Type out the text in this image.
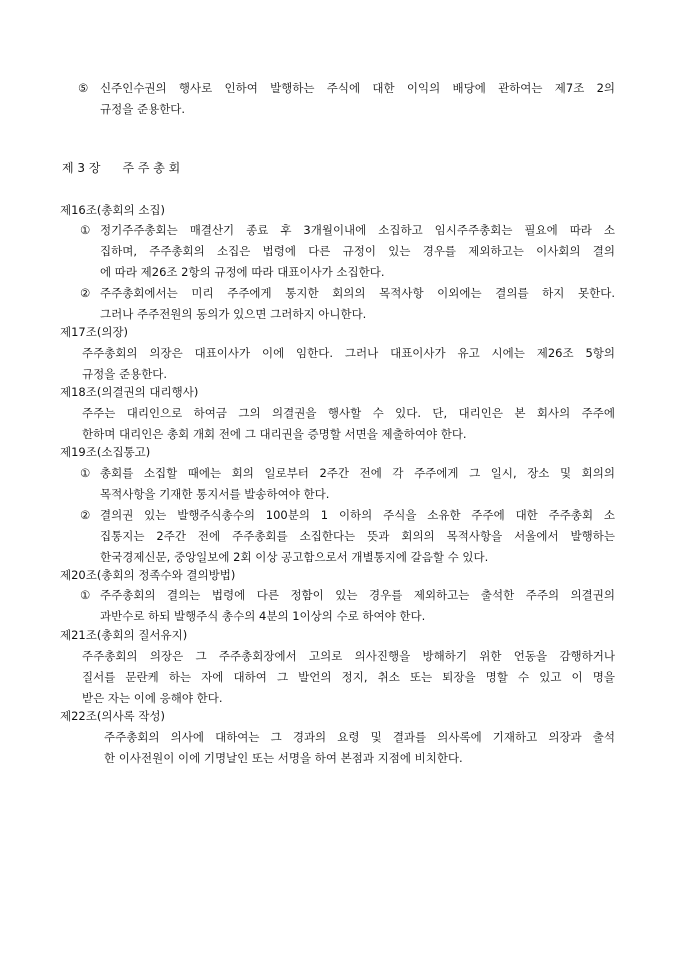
⑤ 신주인수권의 행사로 인하여 발행하는 주식에 대한 이익의 배당에 관하여는 제7조 2의
규정을 준용한다.
제 3 장 주 주 총 회
제16조(총회의 소집)
① 정기주주총회는 매결산기 종료 후 3개월이내에 소집하고 임시주주총회는 필요에 따라 소
집하며, 주주총회의 소집은 법령에 다른 규정이 있는 경우를 제외하고는 이사회의 결의
에 따라 제26조 2항의 규정에 따라 대표이사가 소집한다.
② 주주총회에서는 미리 주주에게 통지한 회의의 목적사항 이외에는 결의를 하지 못한다.
그러나 주주전원의 동의가 있으면 그러하지 아니한다.
제17조(의장)
주주총회의 의장은 대표이사가 이에 임한다. 그러나 대표이사가 유고 시에는 제26조 5항의
규정을 준용한다.
제18조(의결권의 대리행사)
주주는 대리인으로 하여금 그의 의결권을 행사할 수 있다. 단, 대리인은 본 회사의 주주에
한하며 대리인은 총회 개회 전에 그 대리권을 증명할 서면을 제출하여야 한다.
제19조(소집통고)
① 총회를 소집할 때에는 회의 일로부터 2주간 전에 각 주주에게 그 일시, 장소 및 회의의
목적사항을 기재한 통지서를 발송하여야 한다.
② 결의권 있는 발행주식총수의 100분의 1 이하의 주식을 소유한 주주에 대한 주주총회 소
집통지는 2주간 전에 주주총회를 소집한다는 뜻과 회의의 목적사항을 서울에서 발행하는
한국경제신문, 중앙일보에 2회 이상 공고함으로서 개별통지에 갈음할 수 있다.
제20조(총회의 정족수와 결의방법)
① 주주총회의 결의는 법령에 다른 정함이 있는 경우를 제외하고는 출석한 주주의 의결권의
과반수로 하되 발행주식 총수의 4분의 1이상의 수로 하여야 한다.
제21조(총회의 질서유지)
주주총회의 의장은 그 주주총회장에서 고의로 의사진행을 방해하기 위한 언동을 감행하거나
질서를 문란케 하는 자에 대하여 그 발언의 정지, 취소 또는 퇴장을 명할 수 있고 이 명을
받은 자는 이에 응해야 한다.
제22조(의사록 작성)
주주총회의 의사에 대하여는 그 경과의 요령 및 결과를 의사록에 기재하고 의장과 출석
한 이사전원이 이에 기명날인 또는 서명을 하여 본점과 지점에 비치한다.
